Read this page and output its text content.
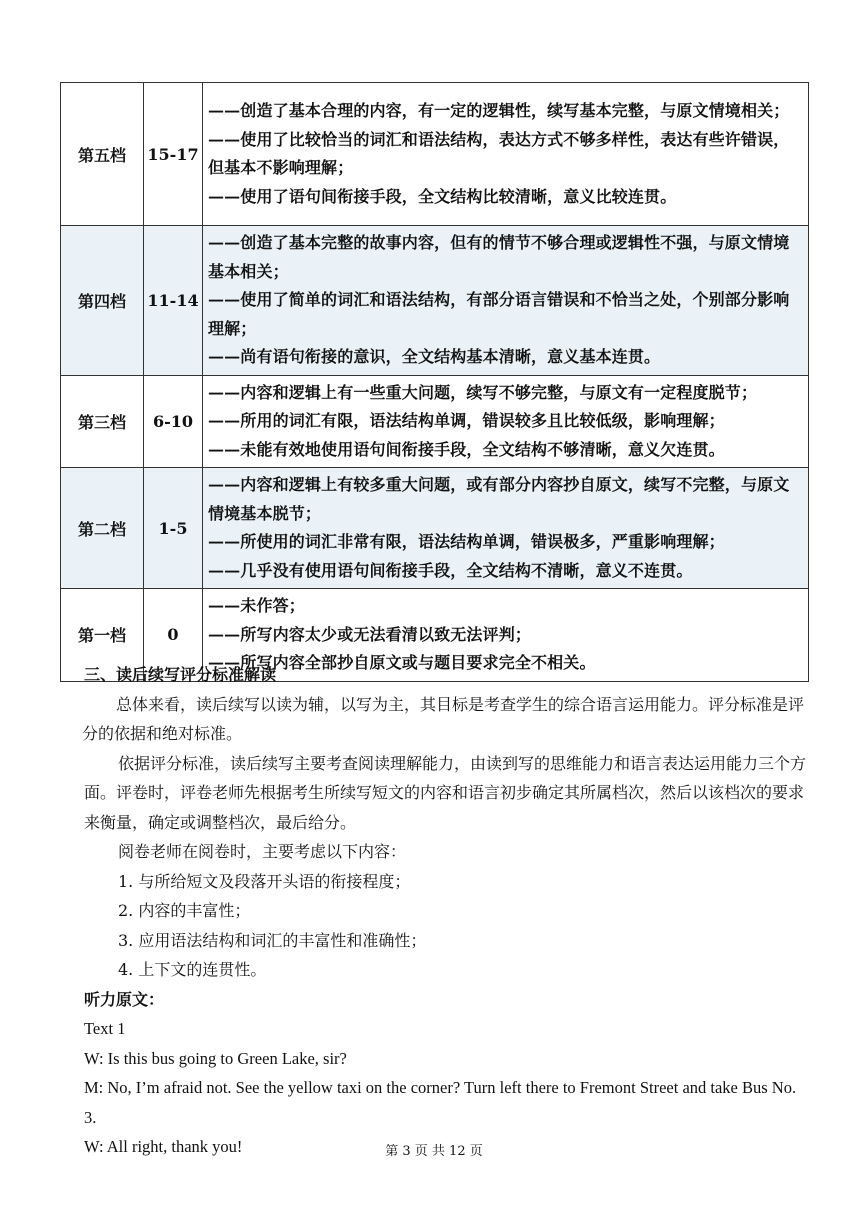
第五档	15-17	——创造了基本合理的内容，有一定的逻辑性，续写基本完整，与原文情境相关；
——使用了比较恰当的词汇和语法结构，表达方式不够多样性，表达有些许错误，但基本不影响理解；
——使用了语句间衔接手段，全文结构比较清晰，意义比较连贯。

第四档	11-14	——创造了基本完整的故事内容，但有的情节不够合理或逻辑性不强，与原文情境基本相关；
——使用了简单的词汇和语法结构，有部分语言错误和不恰当之处，个别部分影响理解；
——尚有语句衔接的意识，全文结构基本清晰，意义基本连贯。

第三档	6-10	——内容和逻辑上有一些重大问题，续写不够完整，与原文有一定程度脱节；
——所用的词汇有限，语法结构单调，错误较多且比较低级，影响理解；
——未能有效地使用语句间衔接手段，全文结构不够清晰，意义欠连贯。

第二档	1-5	——内容和逻辑上有较多重大问题，或有部分内容抄自原文，续写不完整，与原文情境基本脱节；
——所使用的词汇非常有限，语法结构单调，错误极多，严重影响理解；
——几乎没有使用语句间衔接手段，全文结构不清晰，意义不连贯。

第一档	0	——未作答；
——所写内容太少或无法看清以致无法评判；
——所写内容全部抄自原文或与题目要求完全不相关。
三、读后续写评分标准解读
总体来看，读后续写以读为辅，以写为主，其目标是考查学生的综合语言运用能力。评分标准是评分的依据和绝对标准。
依据评分标准，读后续写主要考查阅读理解能力，由读到写的思维能力和语言表达运用能力三个方面。评卷时，评卷老师先根据考生所续写短文的内容和语言初步确定其所属档次，然后以该档次的要求来衡量，确定或调整档次，最后给分。
阅卷老师在阅卷时，主要考虑以下内容：
1. 与所给短文及段落开头语的衔接程度；
2. 内容的丰富性；
3. 应用语法结构和词汇的丰富性和准确性；
4. 上下文的连贯性。
听力原文：
Text 1
W: Is this bus going to Green Lake, sir?
M: No, I’m afraid not. See the yellow taxi on the corner? Turn left there to Fremont Street and take Bus No. 3.
W: All right, thank you!	第 3 页 共 12 页
